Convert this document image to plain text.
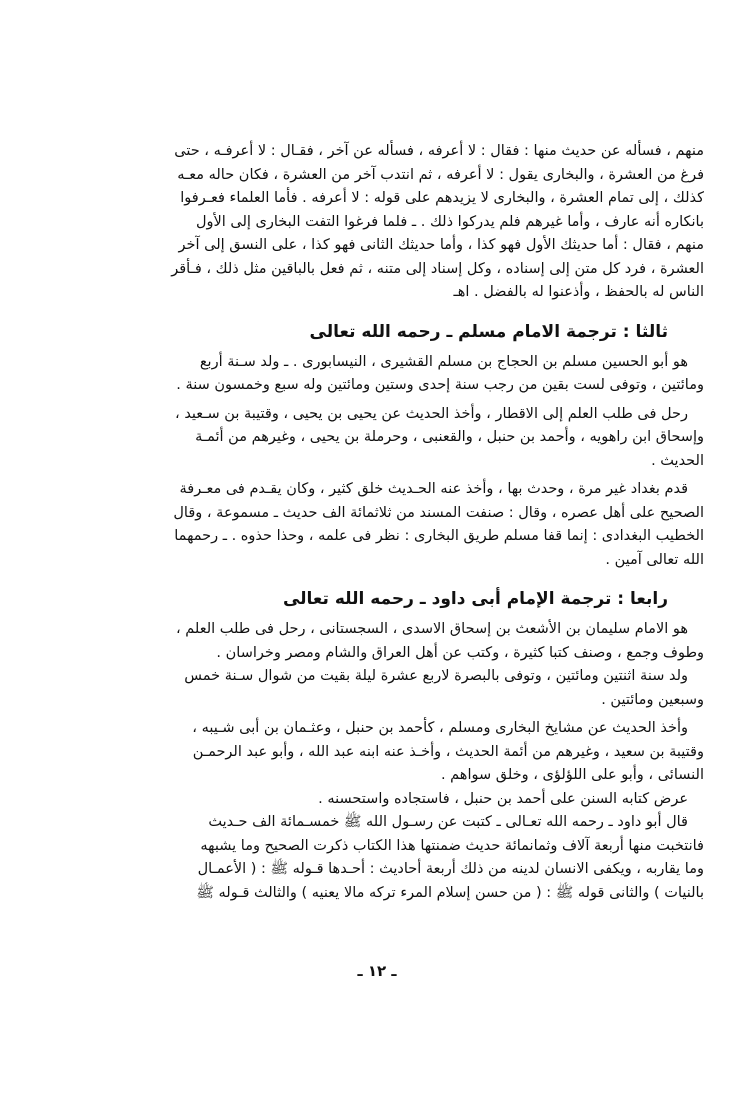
منهم ، فسأله عن حديث منها : فقال : لا أعرفه ، فسأله عن آخر ، فقـال : لا أعرفـه ، حتى
فرغ من العشرة ، والبخارى يقول : لا أعرفه ، ثم انتدب آخر من العشرة ، فكان حاله معـه
كذلك ، إلى تمام العشرة ، والبخارى لا يزيدهم على قوله : لا أعرفه . فأما العلماء فعـرفوا
بانكاره أنه عارف ، وأما غيرهم فلم يدركوا ذلك . ـ فلما فرغوا التفت البخارى إلى الأول
منهم ، فقال : أما حديثك الأول فهو كذا ، وأما حديثك الثانى فهو كذا ، على النسق إلى آخر
العشرة ، فرد كل متن إلى إسناده ، وكل إسناد إلى متنه ، ثم فعل بالباقين مثل ذلك ، فـأقر
الناس له بالحفظ ، وأذعنوا له بالفضل . اهـ

ثالثا : ترجمة الامام مسلم ـ رحمه الله تعالى

هو أبو الحسين مسلم بن الحجاج بن مسلم القشيرى ، النيسابورى . ـ ولد سـنة أربع
ومائتين ، وتوفى لست بقين من رجب سنة إحدى وستين ومائتين وله سبع وخمسون سنة .

رحل فى طلب العلم إلى الاقطار ، وأخذ الحديث عن يحيى بن يحيى ، وقتيبة بن سـعيد ،
وإسحاق ابن راهويه ، وأحمد بن حنبل ، والقعنبى ، وحرملة بن يحيى ، وغيرهم من أئمـة
الحديث .

قدم بغداد غير مرة ، وحدث بها ، وأخذ عنه الحـديث خلق كثير ، وكان يقـدم فى معـرفة
الصحيح على أهل عصره ، وقال : صنفت المسند من ثلاثمائة الف حديث ـ مسموعة ، وقال
الخطيب البغدادى : إنما قفا مسلم طريق البخارى : نظر فى علمه ، وحذا حذوه . ـ رحمهما
الله تعالى آمين .

رابعا : ترجمة الإمام أبى داود ـ رحمه الله تعالى

هو الامام سليمان بن الأشعث بن إسحاق الاسدى ، السجستانى ، رحل فى طلب العلم ،
وطوف وجمع ، وصنف كتبا كثيرة ، وكتب عن أهل العراق والشام ومصر وخراسان .

ولد سنة اثنتين ومائتين ، وتوفى بالبصرة لاربع عشرة ليلة بقيت من شوال سـنة خمس
وسبعين ومائتين .

وأخذ الحديث عن مشايخ البخارى ومسلم ، كأحمد بن حنبل ، وعثـمان بن أبى شـيبه ،
وقتيبة بن سعيد ، وغيرهم من أئمة الحديث ، وأخـذ عنه ابنه عبد الله ، وأبو عبد الرحمـن
النسائى ، وأبو على اللؤلؤى ، وخلق سواهم .

عرض كتابه السنن على أحمد بن حنبل ، فاستجاده واستحسنه .

قال أبو داود ـ رحمه الله تعـالى ـ كتبت عن رسـول الله ﷺ خمسـمائة الف حـديث
فانتخبت منها أربعة آلاف وثمانمائة حديث ضمنتها هذا الكتاب ذكرت الصحيح وما يشبهه
وما يقاربه ، ويكفى الانسان لدينه من ذلك أربعة أحاديث : أحـدها قـوله ﷺ : ( الأعمـال
بالنيات ) والثانى قوله ﷺ : ( من حسن إسلام المرء تركه مالا يعنيه ) والثالث قـوله ﷺ

ـ ١٢ ـ
